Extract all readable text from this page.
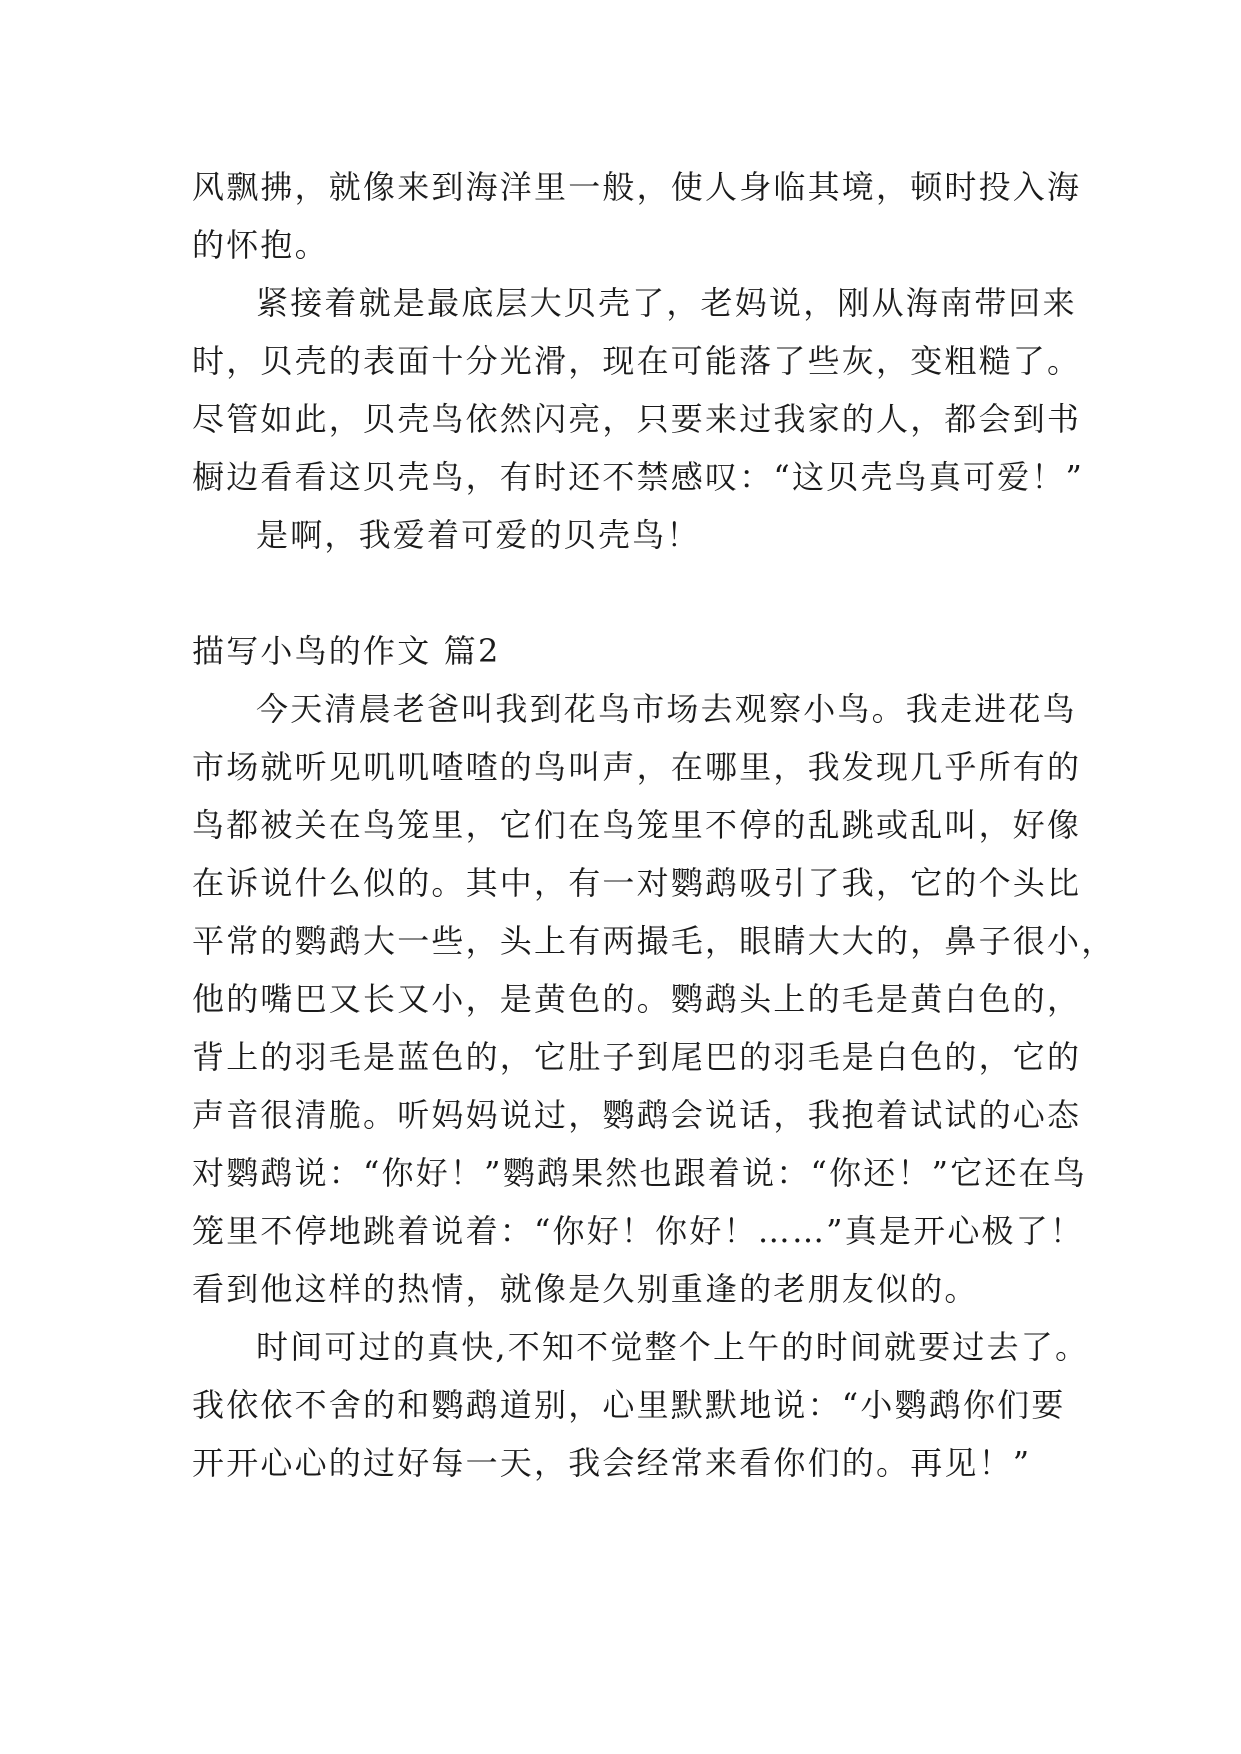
风飘拂，就像来到海洋里一般，使人身临其境，顿时投入海
的怀抱。
紧接着就是最底层大贝壳了，老妈说，刚从海南带回来
时，贝壳的表面十分光滑，现在可能落了些灰，变粗糙了。
尽管如此，贝壳鸟依然闪亮，只要来过我家的人，都会到书
橱边看看这贝壳鸟，有时还不禁感叹：“这贝壳鸟真可爱！”
是啊，我爱着可爱的贝壳鸟！
描写小鸟的作文 篇2
今天清晨老爸叫我到花鸟市场去观察小鸟。我走进花鸟
市场就听见叽叽喳喳的鸟叫声，在哪里，我发现几乎所有的
鸟都被关在鸟笼里，它们在鸟笼里不停的乱跳或乱叫，好像
在诉说什么似的。其中，有一对鹦鹉吸引了我，它的个头比
平常的鹦鹉大一些，头上有两撮毛，眼睛大大的，鼻子很小，
他的嘴巴又长又小，是黄色的。鹦鹉头上的毛是黄白色的，
背上的羽毛是蓝色的，它肚子到尾巴的羽毛是白色的，它的
声音很清脆。听妈妈说过，鹦鹉会说话，我抱着试试的心态
对鹦鹉说：“你好！”鹦鹉果然也跟着说：“你还！”它还在鸟
笼里不停地跳着说着：“你好！你好！……”真是开心极了！
看到他这样的热情，就像是久别重逢的老朋友似的。
时间可过的真快,不知不觉整个上午的时间就要过去了。
我依依不舍的和鹦鹉道别，心里默默地说：“小鹦鹉你们要
开开心心的过好每一天，我会经常来看你们的。再见！”
